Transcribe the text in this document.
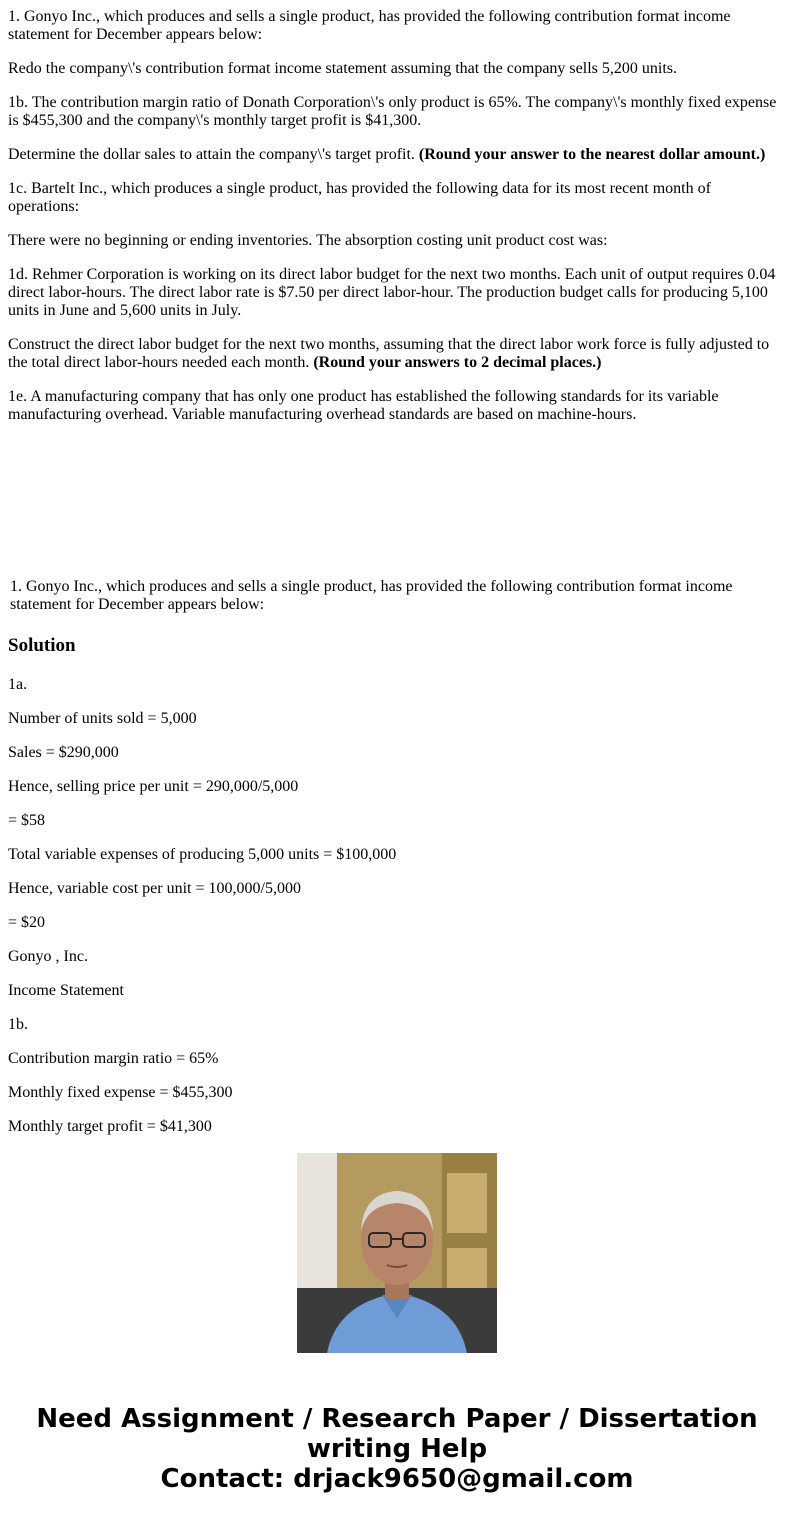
1. Gonyo Inc., which produces and sells a single product, has provided the following contribution format income statement for December appears below:

Redo the company\'s contribution format income statement assuming that the company sells 5,200 units.

1b. The contribution margin ratio of Donath Corporation\'s only product is 65%. The company\'s monthly fixed expense is $455,300 and the company\'s monthly target profit is $41,300.

Determine the dollar sales to attain the company\'s target profit. (Round your answer to the nearest dollar amount.)

1c. Bartelt Inc., which produces a single product, has provided the following data for its most recent month of operations:

There were no beginning or ending inventories. The absorption costing unit product cost was:

1d. Rehmer Corporation is working on its direct labor budget for the next two months. Each unit of output requires 0.04 direct labor-hours. The direct labor rate is $7.50 per direct labor-hour. The production budget calls for producing 5,100 units in June and 5,600 units in July.

Construct the direct labor budget for the next two months, assuming that the direct labor work force is fully adjusted to the total direct labor-hours needed each month. (Round your answers to 2 decimal places.)

1e. A manufacturing company that has only one product has established the following standards for its variable manufacturing overhead. Variable manufacturing overhead standards are based on machine-hours.

1. Gonyo Inc., which produces and sells a single product, has provided the following contribution format income statement for December appears below:

Solution

1a.

Number of units sold = 5,000

Sales = $290,000

Hence, selling price per unit = 290,000/5,000

= $58

Total variable expenses of producing 5,000 units = $100,000

Hence, variable cost per unit = 100,000/5,000

= $20

Gonyo , Inc.

Income Statement

1b.

Contribution margin ratio = 65%

Monthly fixed expense = $455,300

Monthly target profit = $41,300

Need Assignment / Research Paper / Dissertation
writing Help
Contact: drjack9650@gmail.com
